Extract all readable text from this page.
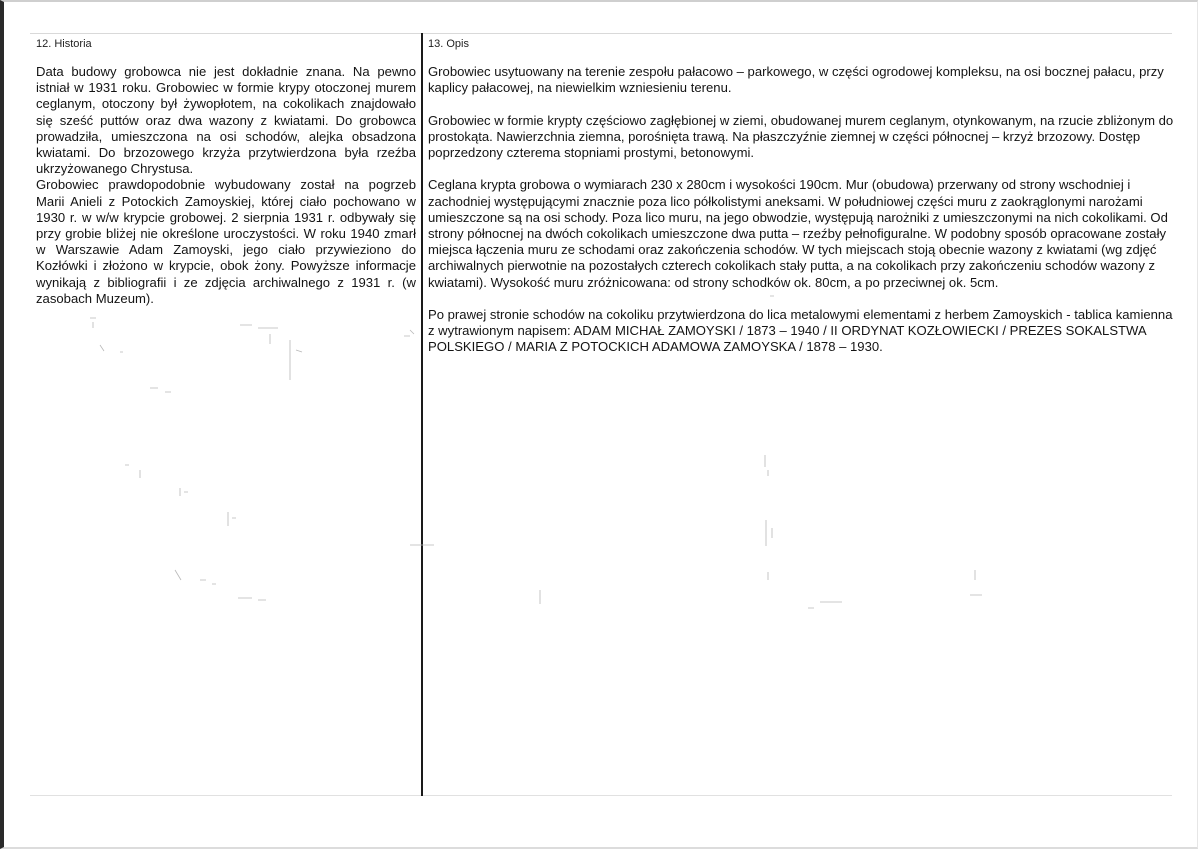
12. Historia	13. Opis

Data budowy grobowca nie jest dokładnie znana. Na pewno istniał w 1931 roku. Grobowiec w formie krypy otoczonej murem ceglanym, otoczony był żywopłotem, na cokolikach znajdowało się sześć puttów oraz dwa wazony z kwiatami. Do grobowca prowadziła, umieszczona na osi schodów, alejka obsadzona kwiatami. Do brzozowego krzyża przytwierdzona była rzeźba ukrzyżowanego Chrystusa.

Grobowiec prawdopodobnie wybudowany został na pogrzeb Marii Anieli z Potockich Zamoyskiej, której ciało pochowano w 1930 r. w w/w krypcie grobowej. 2 sierpnia 1931 r. odbywały się przy grobie bliżej nie określone uroczystości. W roku 1940 zmarł w Warszawie Adam Zamoyski, jego ciało przywieziono do Kozłówki i złożono w krypcie, obok żony. Powyższe informacje wynikają z bibliografii i ze zdjęcia archiwalnego z 1931 r. (w zasobach Muzeum).

Grobowiec usytuowany na terenie zespołu pałacowo – parkowego, w części ogrodowej kompleksu, na osi bocznej pałacu, przy kaplicy pałacowej, na niewielkim wzniesieniu terenu.

Grobowiec w formie krypty częściowo zagłębionej w ziemi, obudowanej murem ceglanym, otynkowanym, na rzucie zbliżonym do prostokąta. Nawierzchnia ziemna, porośnięta trawą. Na płaszczyźnie ziemnej w części północnej – krzyż brzozowy. Dostęp poprzedzony czterema stopniami prostymi, betonowymi.

Ceglana krypta grobowa o wymiarach 230 x 280cm i wysokości 190cm. Mur (obudowa) przerwany od strony wschodniej i zachodniej występującymi znacznie poza lico półkolistymi aneksami. W południowej części muru z zaokrąglonymi narożami umieszczone są na osi schody. Poza lico muru, na jego obwodzie, występują narożniki z umieszczonymi na nich cokolikami. Od strony północnej na dwóch cokolikach umieszczone dwa putta – rzeźby pełnofiguralne. W podobny sposób opracowane zostały miejsca łączenia muru ze schodami oraz zakończenia schodów. W tych miejscach stoją obecnie wazony z kwiatami (wg zdjęć archiwalnych pierwotnie na pozostałych czterech cokolikach stały putta, a na cokolikach przy zakończeniu schodów wazony z kwiatami). Wysokość muru zróżnicowana: od strony schodków ok. 80cm, a po przeciwnej ok. 5cm.

Po prawej stronie schodów na cokoliku przytwierdzona do lica metalowymi elementami z herbem Zamoyskich - tablica kamienna z wytrawionym napisem: ADAM MICHAŁ ZAMOYSKI / 1873 – 1940 / II ORDYNAT KOZŁOWIECKI / PREZES SOKALSTWA POLSKIEGO / MARIA Z POTOCKICH ADAMOWA ZAMOYSKA / 1878 – 1930.
